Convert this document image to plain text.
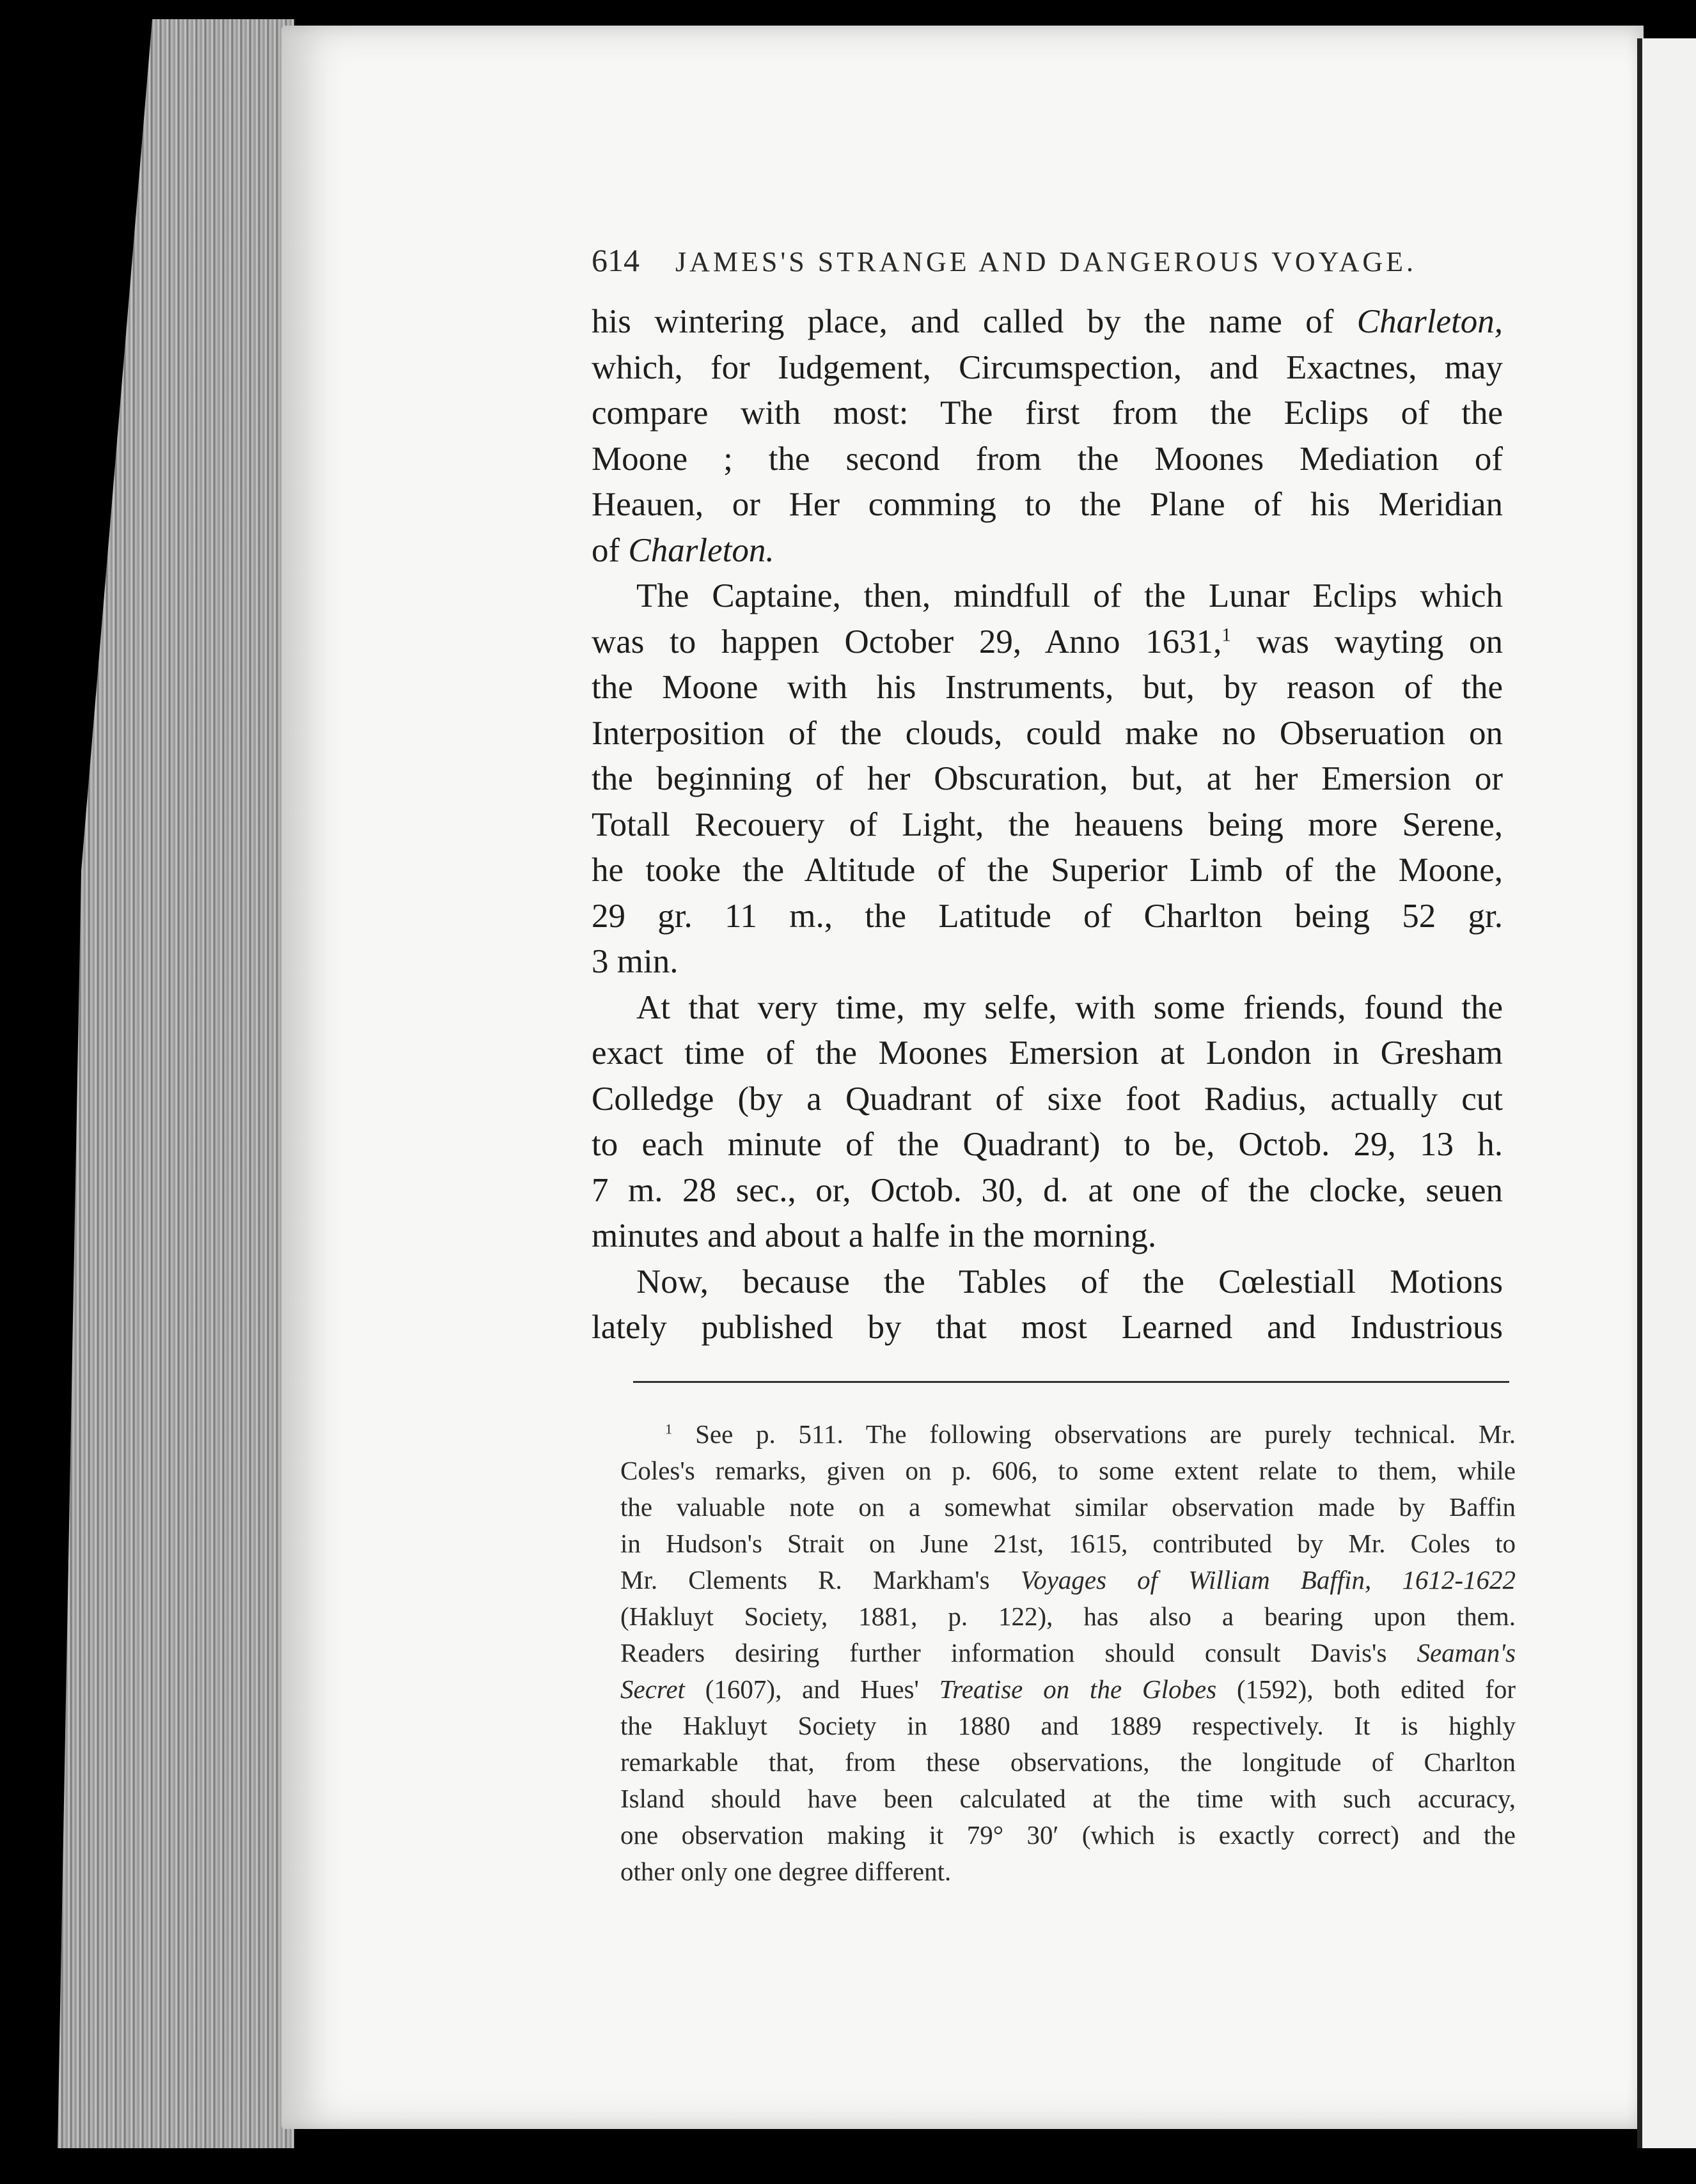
614 JAMES'S STRANGE AND DANGEROUS VOYAGE.
his wintering place, and called by the name of Charleton,
which, for Iudgement, Circumspection, and Exactnes, may
compare with most: The first from the Eclips of the
Moone ; the second from the Moones Mediation of
Heauen, or Her comming to the Plane of his Meridian
of Charleton.
The Captaine, then, mindfull of the Lunar Eclips which
was to happen October 29, Anno 1631,$^1$ was wayting on
the Moone with his Instruments, but, by reason of the
Interposition of the clouds, could make no Obseruation on
the beginning of her Obscuration, but, at her Emersion or
Totall Recouery of Light, the heauens being more Serene,
he tooke the Altitude of the Superior Limb of the Moone,
29 gr. 11 m., the Latitude of Charlton being 52 gr.
3 min.
At that very time, my selfe, with some friends, found the
exact time of the Moones Emersion at London in Gresham
Colledge (by a Quadrant of sixe foot Radius, actually cut
to each minute of the Quadrant) to be, Octob. 29, 13 h.
7 m. 28 sec., or, Octob. 30, d. at one of the clocke, seuen
minutes and about a halfe in the morning.
Now, because the Tables of the Cœlestiall Motions
lately published by that most Learned and Industrious
$^1$ See p. 511. The following observations are purely technical. Mr.
Coles's remarks, given on p. 606, to some extent relate to them, while
the valuable note on a somewhat similar observation made by Baffin
in Hudson's Strait on June 21st, 1615, contributed by Mr. Coles to
Mr. Clements R. Markham's Voyages of William Baffin, 1612-1622
(Hakluyt Society, 1881, p. 122), has also a bearing upon them.
Readers desiring further information should consult Davis's Seaman's
Secret (1607), and Hues' Treatise on the Globes (1592), both edited for
the Hakluyt Society in 1880 and 1889 respectively. It is highly
remarkable that, from these observations, the longitude of Charlton
Island should have been calculated at the time with such accuracy,
one observation making it 79° 30′ (which is exactly correct) and the
other only one degree different.
